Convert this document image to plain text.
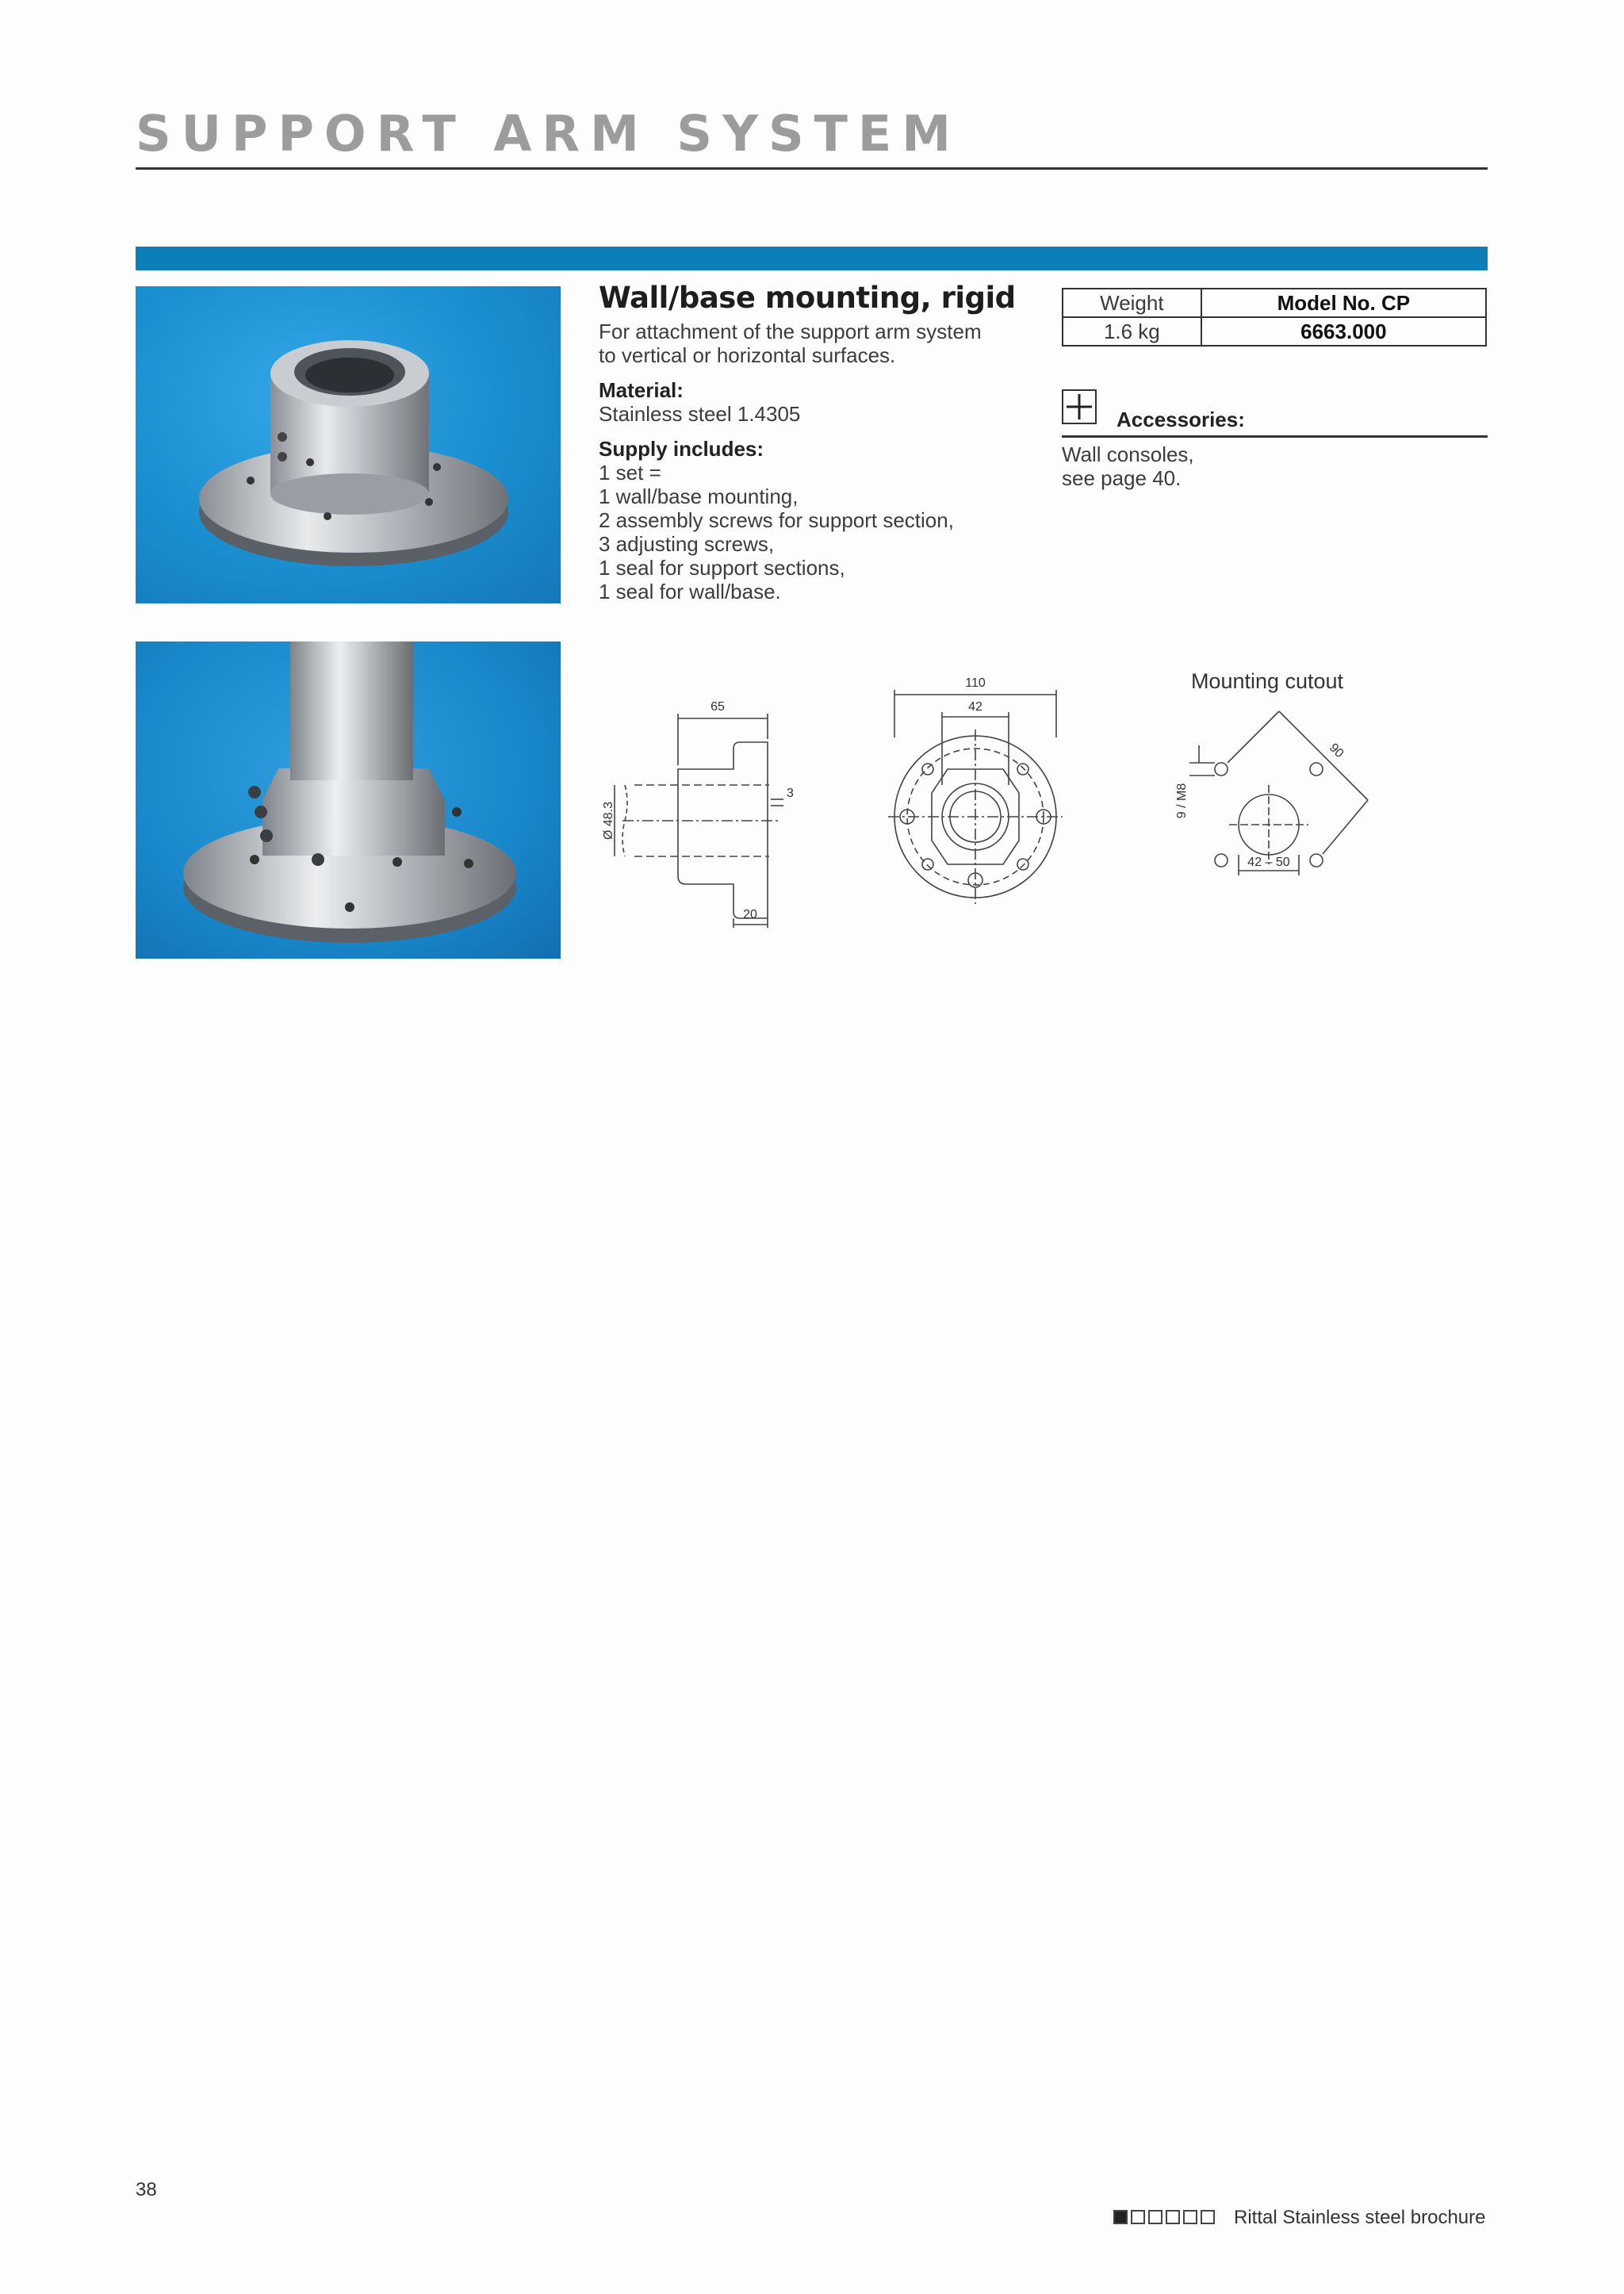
SUPPORT ARM SYSTEM
Wall/base mounting, rigid
For attachment of the support arm system
to vertical or horizontal surfaces.
Material:
Stainless steel 1.4305
Supply includes:
1 set =
1 wall/base mounting,
2 assembly screws for support section,
3 adjusting screws,
1 seal for support sections,
1 seal for wall/base.
Weight	Model No. CP
1.6 kg	6663.000
Accessories:
Wall consoles,
see page 40.
65
3
Ø 48.3
20
110
42
Mounting cutout
90
9 / M8
42 – 50
38
Rittal Stainless steel brochure
